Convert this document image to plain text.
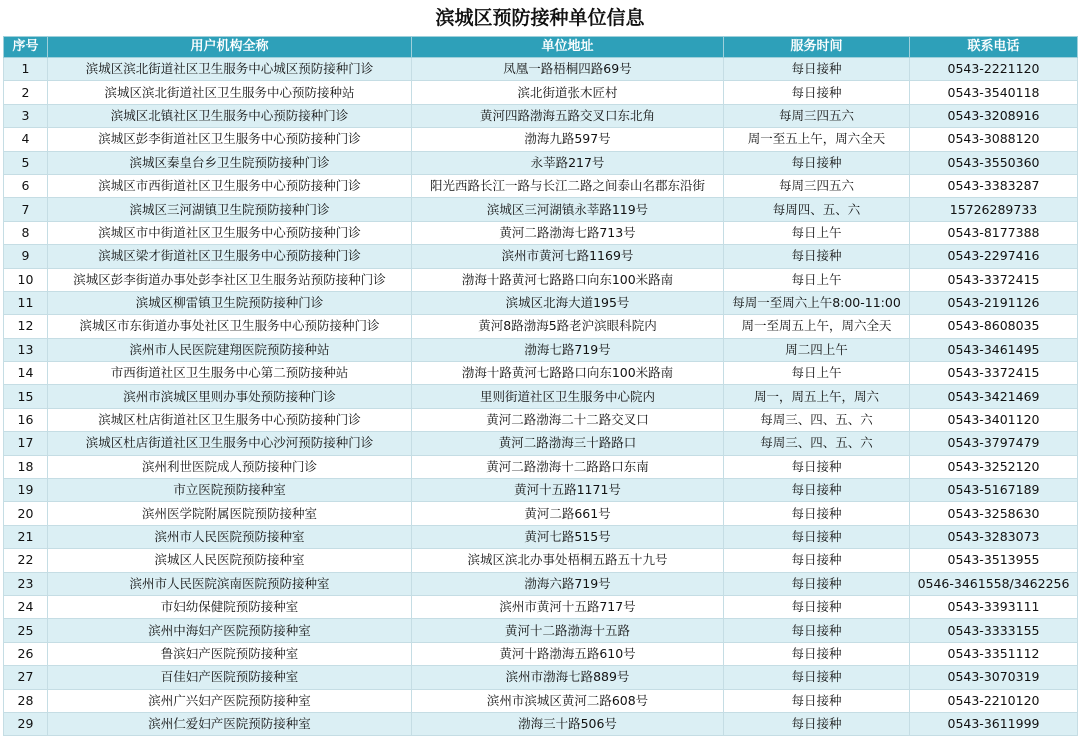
滨城区预防接种单位信息
序号	用户机构全称	单位地址	服务时间	联系电话
1	滨城区滨北街道社区卫生服务中心城区预防接种门诊	凤凰一路梧桐四路69号	每日接种	0543-2221120
2	滨城区滨北街道社区卫生服务中心预防接种站	滨北街道张木匠村	每日接种	0543-3540118
3	滨城区北镇社区卫生服务中心预防接种门诊	黄河四路渤海五路交叉口东北角	每周三四五六	0543-3208916
4	滨城区彭李街道社区卫生服务中心预防接种门诊	渤海九路597号	周一至五上午，周六全天	0543-3088120
5	滨城区秦皇台乡卫生院预防接种门诊	永莘路217号	每日接种	0543-3550360
6	滨城区市西街道社区卫生服务中心预防接种门诊	阳光西路长江一路与长江二路之间泰山名郡东沿街	每周三四五六	0543-3383287
7	滨城区三河湖镇卫生院预防接种门诊	滨城区三河湖镇永莘路119号	每周四、五、六	15726289733
8	滨城区市中街道社区卫生服务中心预防接种门诊	黄河二路渤海七路713号	每日上午	0543-8177388
9	滨城区梁才街道社区卫生服务中心预防接种门诊	滨州市黄河七路1169号	每日接种	0543-2297416
10	滨城区彭李街道办事处彭李社区卫生服务站预防接种门诊	渤海十路黄河七路路口向东100米路南	每日上午	0543-3372415
11	滨城区柳雷镇卫生院预防接种门诊	滨城区北海大道195号	每周一至周六上午8:00-11:00	0543-2191126
12	滨城区市东街道办事处社区卫生服务中心预防接种门诊	黄河8路渤海5路老沪滨眼科院内	周一至周五上午，周六全天	0543-8608035
13	滨州市人民医院建翔医院预防接种站	渤海七路719号	周二四上午	0543-3461495
14	市西街道社区卫生服务中心第二预防接种站	渤海十路黄河七路路口向东100米路南	每日上午	0543-3372415
15	滨州市滨城区里则办事处预防接种门诊	里则街道社区卫生服务中心院内	周一，周五上午，周六	0543-3421469
16	滨城区杜店街道社区卫生服务中心预防接种门诊	黄河二路渤海二十二路交叉口	每周三、四、五、六	0543-3401120
17	滨城区杜店街道社区卫生服务中心沙河预防接种门诊	黄河二路渤海三十路路口	每周三、四、五、六	0543-3797479
18	滨州利世医院成人预防接种门诊	黄河二路渤海十二路路口东南	每日接种	0543-3252120
19	市立医院预防接种室	黄河十五路1171号	每日接种	0543-5167189
20	滨州医学院附属医院预防接种室	黄河二路661号	每日接种	0543-3258630
21	滨州市人民医院预防接种室	黄河七路515号	每日接种	0543-3283073
22	滨城区人民医院预防接种室	滨城区滨北办事处梧桐五路五十九号	每日接种	0543-3513955
23	滨州市人民医院滨南医院预防接种室	渤海六路719号	每日接种	0546-3461558/3462256
24	市妇幼保健院预防接种室	滨州市黄河十五路717号	每日接种	0543-3393111
25	滨州中海妇产医院预防接种室	黄河十二路渤海十五路	每日接种	0543-3333155
26	鲁滨妇产医院预防接种室	黄河十路渤海五路610号	每日接种	0543-3351112
27	百佳妇产医院预防接种室	滨州市渤海七路889号	每日接种	0543-3070319
28	滨州广兴妇产医院预防接种室	滨州市滨城区黄河二路608号	每日接种	0543-2210120
29	滨州仁爱妇产医院预防接种室	渤海三十路506号	每日接种	0543-3611999
